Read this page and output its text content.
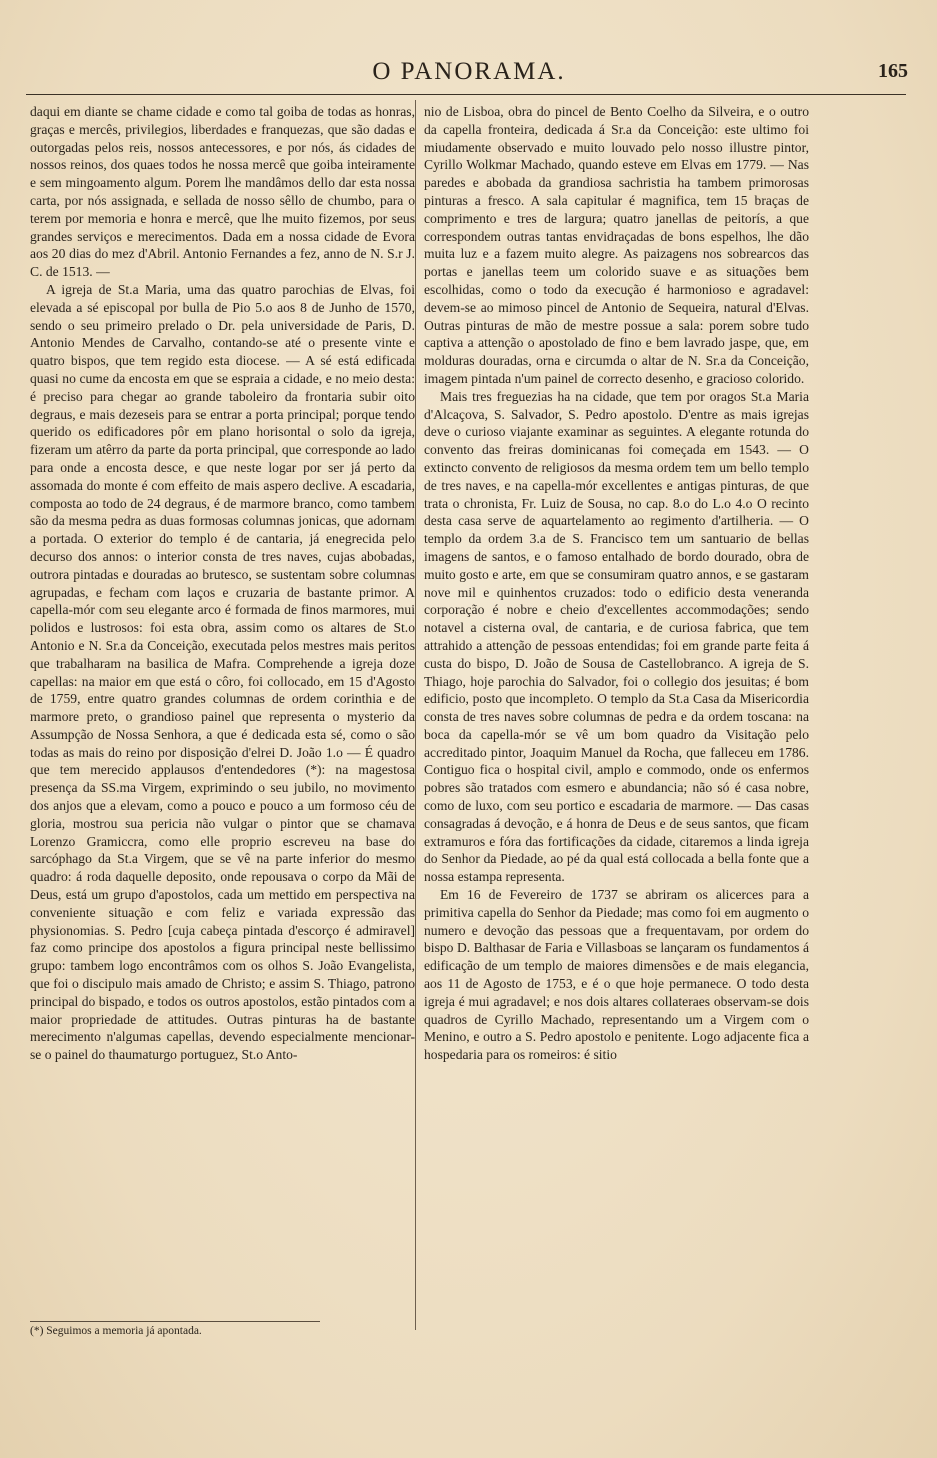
O PANORAMA.	165

daqui em diante se chame cidade e como tal goiba de todas as honras, graças e mercês, privilegios, liberdades e franquezas, que são dadas e outorgadas pelos reis, nossos antecessores, e por nós, ás cidades de nossos reinos, dos quaes todos he nossa mercê que goiba inteiramente e sem mingoamento algum. Porem lhe mandâmos dello dar esta nossa carta, por nós assignada, e sellada de nosso sêllo de chumbo, para o terem por memoria e honra e mercê, que lhe muito fizemos, por seus grandes serviços e merecimentos. Dada em a nossa cidade de Evora aos 20 dias do mez d'Abril. Antonio Fernandes a fez, anno de N. S.r J. C. de 1513. —

A igreja de St.a Maria, uma das quatro parochias de Elvas, foi elevada a sé episcopal por bulla de Pio 5.o aos 8 de Junho de 1570, sendo o seu primeiro prelado o Dr. pela universidade de Paris, D. Antonio Mendes de Carvalho, contando-se até o presente vinte e quatro bispos, que tem regido esta diocese. — A sé está edificada quasi no cume da encosta em que se espraia a cidade, e no meio desta: é preciso para chegar ao grande taboleiro da frontaria subir oito degraus, e mais dezeseis para se entrar a porta principal; porque tendo querido os edificadores pôr em plano horisontal o solo da igreja, fizeram um atêrro da parte da porta principal, que corresponde ao lado para onde a encosta desce, e que neste logar por ser já perto da assomada do monte é com effeito de mais aspero declive. A escadaria, composta ao todo de 24 degraus, é de marmore branco, como tambem são da mesma pedra as duas formosas columnas jonicas, que adornam a portada. O exterior do templo é de cantaria, já enegrecida pelo decurso dos annos: o interior consta de tres naves, cujas abobadas, outrora pintadas e douradas ao brutesco, se sustentam sobre columnas agrupadas, e fecham com laços e cruzaria de bastante primor. A capella-mór com seu elegante arco é formada de finos marmores, mui polidos e lustrosos: foi esta obra, assim como os altares de St.o Antonio e N. Sr.a da Conceição, executada pelos mestres mais peritos que trabalharam na basilica de Mafra. Comprehende a igreja doze capellas: na maior em que está o côro, foi collocado, em 15 d'Agosto de 1759, entre quatro grandes columnas de ordem corinthia e de marmore preto, o grandioso painel que representa o mysterio da Assumpção de Nossa Senhora, a que é dedicada esta sé, como o são todas as mais do reino por disposição d'elrei D. João 1.o — É quadro que tem merecido applausos d'entendedores (*): na magestosa presença da SS.ma Virgem, exprimindo o seu jubilo, no movimento dos anjos que a elevam, como a pouco e pouco a um formoso céu de gloria, mostrou sua pericia não vulgar o pintor que se chamava Lorenzo Gramiccra, como elle proprio escreveu na base do sarcóphago da St.a Virgem, que se vê na parte inferior do mesmo quadro: á roda daquelle deposito, onde repousava o corpo da Mãi de Deus, está um grupo d'apostolos, cada um mettido em perspectiva na conveniente situação e com feliz e variada expressão das physionomias. S. Pedro [cuja cabeça pintada d'escorço é admiravel] faz como principe dos apostolos a figura principal neste bellissimo grupo: tambem logo encontrâmos com os olhos S. João Evangelista, que foi o discipulo mais amado de Christo; e assim S. Thiago, patrono principal do bispado, e todos os outros apostolos, estão pintados com a maior propriedade de attitudes. Outras pinturas ha de bastante merecimento n'algumas capellas, devendo especialmente mencionar-se o painel do thaumaturgo portuguez, St.o Anto-

nio de Lisboa, obra do pincel de Bento Coelho da Silveira, e o outro da capella fronteira, dedicada á Sr.a da Conceição: este ultimo foi miudamente observado e muito louvado pelo nosso illustre pintor, Cyrillo Wolkmar Machado, quando esteve em Elvas em 1779. — Nas paredes e abobada da grandiosa sachristia ha tambem primorosas pinturas a fresco. A sala capitular é magnifica, tem 15 braças de comprimento e tres de largura; quatro janellas de peitorís, a que correspondem outras tantas envidraçadas de bons espelhos, lhe dão muita luz e a fazem muito alegre. As paizagens nos sobrearcos das portas e janellas teem um colorido suave e as situações bem escolhidas, como o todo da execução é harmonioso e agradavel: devem-se ao mimoso pincel de Antonio de Sequeira, natural d'Elvas. Outras pinturas de mão de mestre possue a sala: porem sobre tudo captiva a attenção o apostolado de fino e bem lavrado jaspe, que, em molduras douradas, orna e circumda o altar de N. Sr.a da Conceição, imagem pintada n'um painel de correcto desenho, e gracioso colorido.

Mais tres freguezias ha na cidade, que tem por oragos St.a Maria d'Alcaçova, S. Salvador, S. Pedro apostolo. D'entre as mais igrejas deve o curioso viajante examinar as seguintes. A elegante rotunda do convento das freiras dominicanas foi começada em 1543. — O extincto convento de religiosos da mesma ordem tem um bello templo de tres naves, e na capella-mór excellentes e antigas pinturas, de que trata o chronista, Fr. Luiz de Sousa, no cap. 8.o do L.o 4.o O recinto desta casa serve de aquartelamento ao regimento d'artilheria. — O templo da ordem 3.a de S. Francisco tem um santuario de bellas imagens de santos, e o famoso entalhado de bordo dourado, obra de muito gosto e arte, em que se consumiram quatro annos, e se gastaram nove mil e quinhentos cruzados: todo o edificio desta veneranda corporação é nobre e cheio d'excellentes accommodações; sendo notavel a cisterna oval, de cantaria, e de curiosa fabrica, que tem attrahido a attenção de pessoas entendidas; foi em grande parte feita á custa do bispo, D. João de Sousa de Castellobranco. A igreja de S. Thiago, hoje parochia do Salvador, foi o collegio dos jesuitas; é bom edificio, posto que incompleto. O templo da St.a Casa da Misericordia consta de tres naves sobre columnas de pedra e da ordem toscana: na boca da capella-mór se vê um bom quadro da Visitação pelo accreditado pintor, Joaquim Manuel da Rocha, que falleceu em 1786. Contiguo fica o hospital civil, amplo e commodo, onde os enfermos pobres são tratados com esmero e abundancia; não só é casa nobre, como de luxo, com seu portico e escadaria de marmore. — Das casas consagradas á devoção, e á honra de Deus e de seus santos, que ficam extramuros e fóra das fortificações da cidade, citaremos a linda igreja do Senhor da Piedade, ao pé da qual está collocada a bella fonte que a nossa estampa representa.

Em 16 de Fevereiro de 1737 se abriram os alicerces para a primitiva capella do Senhor da Piedade; mas como foi em augmento o numero e devoção das pessoas que a frequentavam, por ordem do bispo D. Balthasar de Faria e Villasboas se lançaram os fundamentos á edificação de um templo de maiores dimensões e de mais elegancia, aos 11 de Agosto de 1753, e é o que hoje permanece. O todo desta igreja é mui agradavel; e nos dois altares collateraes observam-se dois quadros de Cyrillo Machado, representando um a Virgem com o Menino, e outro a S. Pedro apostolo e penitente. Logo adjacente fica a hospedaria para os romeiros: é sitio

(*) Seguimos a memoria já apontada.
